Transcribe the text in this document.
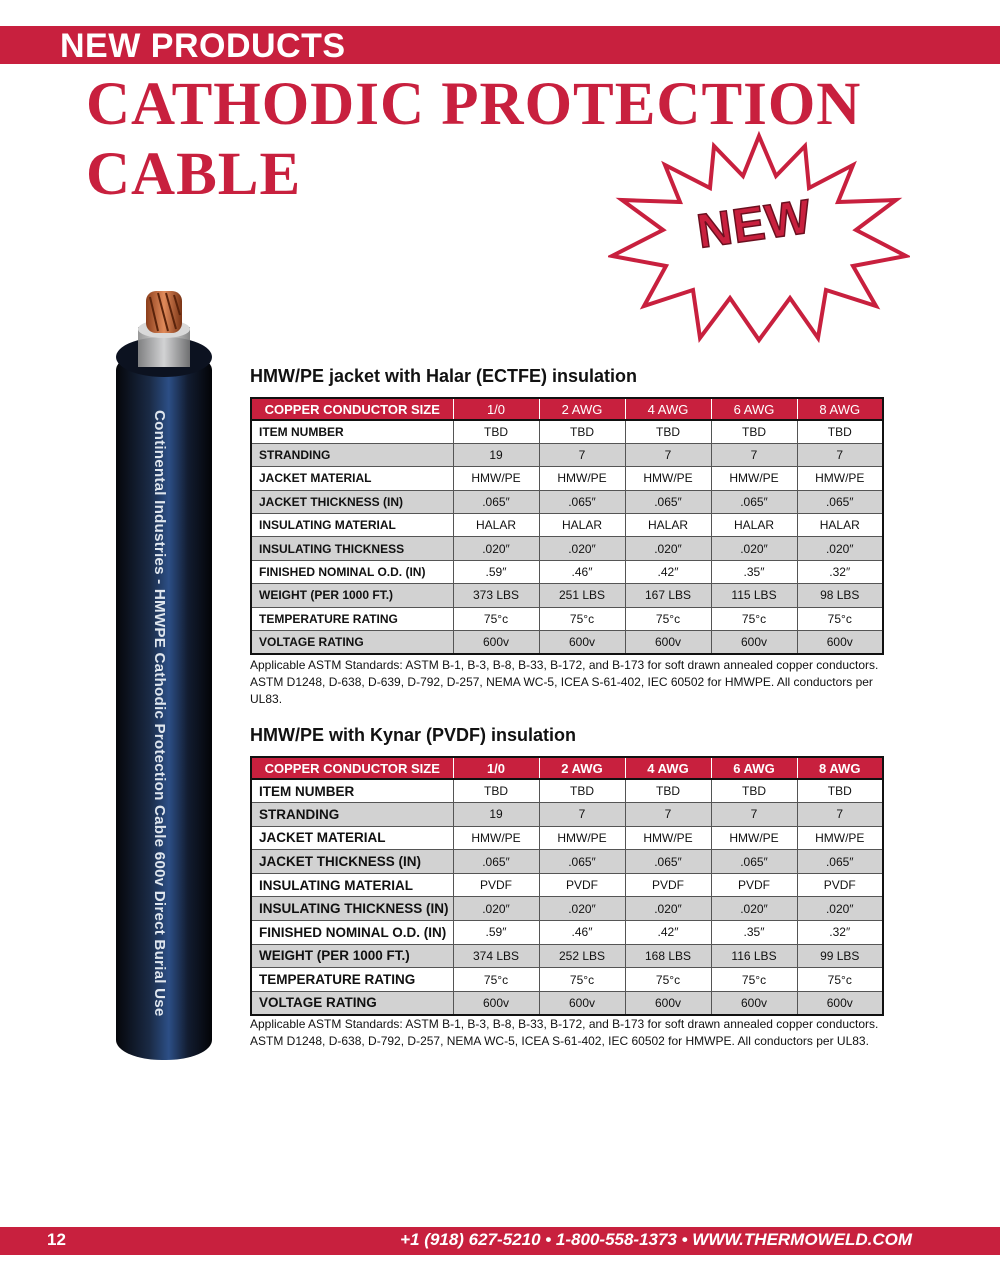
NEW PRODUCTS
CATHODIC PROTECTION
CABLE
NEW
Continental Industries - HMWPE Cathodic Protection Cable 600v Direct Burial Use
HMW/PE jacket with Halar (ECTFE) insulation
COPPER CONDUCTOR SIZE	1/0	2 AWG	4 AWG	6 AWG	8 AWG
ITEM NUMBER	TBD	TBD	TBD	TBD	TBD
STRANDING	19	7	7	7	7
JACKET MATERIAL	HMW/PE	HMW/PE	HMW/PE	HMW/PE	HMW/PE
JACKET THICKNESS (IN)	.065″	.065″	.065″	.065″	.065″
INSULATING MATERIAL	HALAR	HALAR	HALAR	HALAR	HALAR
INSULATING THICKNESS	.020″	.020″	.020″	.020″	.020″
FINISHED NOMINAL O.D. (IN)	.59″	.46″	.42″	.35″	.32″
WEIGHT (PER 1000 FT.)	373 LBS	251 LBS	167 LBS	115 LBS	98 LBS
TEMPERATURE RATING	75°c	75°c	75°c	75°c	75°c
VOLTAGE RATING	600v	600v	600v	600v	600v

Applicable ASTM Standards: ASTM B-1, B-3, B-8, B-33, B-172, and B-173 for soft drawn annealed copper conductors. ASTM D1248, D-638, D-639, D-792, D-257, NEMA WC-5, ICEA S-61-402, IEC 60502 for HMWPE. All conductors per UL83.

HMW/PE with Kynar (PVDF) insulation
COPPER CONDUCTOR SIZE	1/0	2 AWG	4 AWG	6 AWG	8 AWG
ITEM NUMBER	TBD	TBD	TBD	TBD	TBD
STRANDING	19	7	7	7	7
JACKET MATERIAL	HMW/PE	HMW/PE	HMW/PE	HMW/PE	HMW/PE
JACKET THICKNESS (IN)	.065″	.065″	.065″	.065″	.065″
INSULATING MATERIAL	PVDF	PVDF	PVDF	PVDF	PVDF
INSULATING THICKNESS (IN)	.020″	.020″	.020″	.020″	.020″
FINISHED NOMINAL O.D. (IN)	.59″	.46″	.42″	.35″	.32″
WEIGHT (PER 1000 FT.)	374 LBS	252 LBS	168 LBS	116 LBS	99 LBS
TEMPERATURE RATING	75°c	75°c	75°c	75°c	75°c
VOLTAGE RATING	600v	600v	600v	600v	600v

Applicable ASTM Standards: ASTM B-1, B-3, B-8, B-33, B-172, and B-173 for soft drawn annealed copper conductors. ASTM D1248, D-638, D-792, D-257, NEMA WC-5, ICEA S-61-402, IEC 60502 for HMWPE. All conductors per UL83.

12	+1 (918) 627-5210 • 1-800-558-1373 • WWW.THERMOWELD.COM
